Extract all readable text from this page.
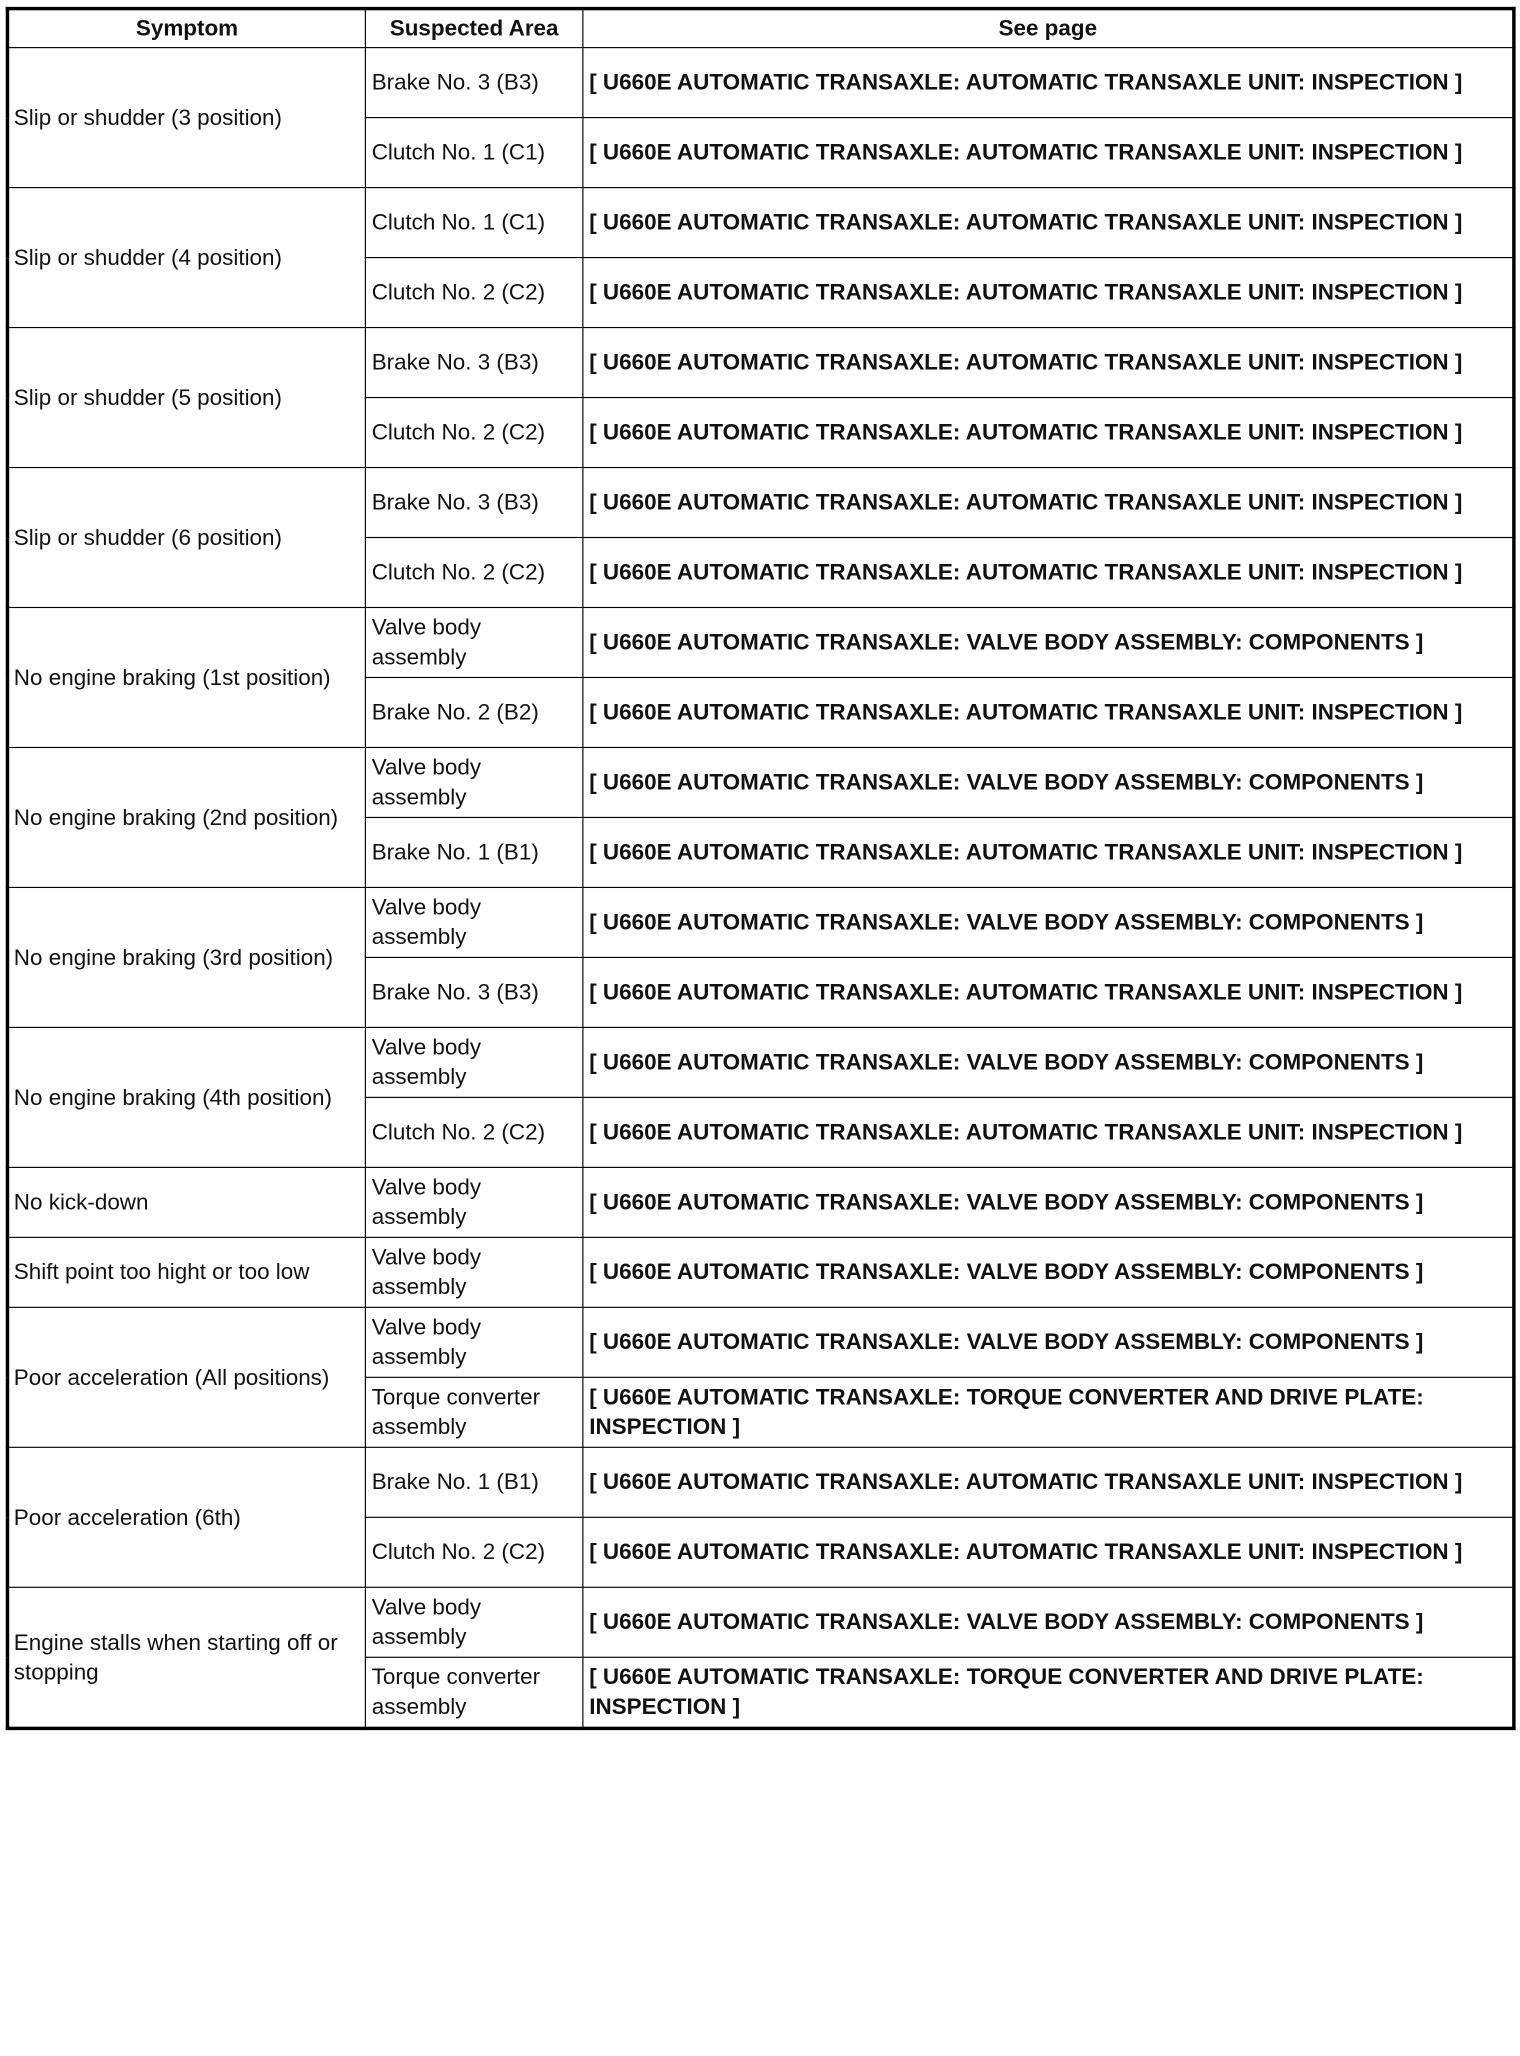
Symptom	Suspected Area	See page
Slip or shudder (3 position)	Brake No. 3 (B3)	[ U660E AUTOMATIC TRANSAXLE: AUTOMATIC TRANSAXLE UNIT: INSPECTION ]
	Clutch No. 1 (C1)	[ U660E AUTOMATIC TRANSAXLE: AUTOMATIC TRANSAXLE UNIT: INSPECTION ]
Slip or shudder (4 position)	Clutch No. 1 (C1)	[ U660E AUTOMATIC TRANSAXLE: AUTOMATIC TRANSAXLE UNIT: INSPECTION ]
	Clutch No. 2 (C2)	[ U660E AUTOMATIC TRANSAXLE: AUTOMATIC TRANSAXLE UNIT: INSPECTION ]
Slip or shudder (5 position)	Brake No. 3 (B3)	[ U660E AUTOMATIC TRANSAXLE: AUTOMATIC TRANSAXLE UNIT: INSPECTION ]
	Clutch No. 2 (C2)	[ U660E AUTOMATIC TRANSAXLE: AUTOMATIC TRANSAXLE UNIT: INSPECTION ]
Slip or shudder (6 position)	Brake No. 3 (B3)	[ U660E AUTOMATIC TRANSAXLE: AUTOMATIC TRANSAXLE UNIT: INSPECTION ]
	Clutch No. 2 (C2)	[ U660E AUTOMATIC TRANSAXLE: AUTOMATIC TRANSAXLE UNIT: INSPECTION ]
No engine braking (1st position)	Valve body assembly	[ U660E AUTOMATIC TRANSAXLE: VALVE BODY ASSEMBLY: COMPONENTS ]
	Brake No. 2 (B2)	[ U660E AUTOMATIC TRANSAXLE: AUTOMATIC TRANSAXLE UNIT: INSPECTION ]
No engine braking (2nd position)	Valve body assembly	[ U660E AUTOMATIC TRANSAXLE: VALVE BODY ASSEMBLY: COMPONENTS ]
	Brake No. 1 (B1)	[ U660E AUTOMATIC TRANSAXLE: AUTOMATIC TRANSAXLE UNIT: INSPECTION ]
No engine braking (3rd position)	Valve body assembly	[ U660E AUTOMATIC TRANSAXLE: VALVE BODY ASSEMBLY: COMPONENTS ]
	Brake No. 3 (B3)	[ U660E AUTOMATIC TRANSAXLE: AUTOMATIC TRANSAXLE UNIT: INSPECTION ]
No engine braking (4th position)	Valve body assembly	[ U660E AUTOMATIC TRANSAXLE: VALVE BODY ASSEMBLY: COMPONENTS ]
	Clutch No. 2 (C2)	[ U660E AUTOMATIC TRANSAXLE: AUTOMATIC TRANSAXLE UNIT: INSPECTION ]
No kick-down	Valve body assembly	[ U660E AUTOMATIC TRANSAXLE: VALVE BODY ASSEMBLY: COMPONENTS ]
Shift point too hight or too low	Valve body assembly	[ U660E AUTOMATIC TRANSAXLE: VALVE BODY ASSEMBLY: COMPONENTS ]
Poor acceleration (All positions)	Valve body assembly	[ U660E AUTOMATIC TRANSAXLE: VALVE BODY ASSEMBLY: COMPONENTS ]
	Torque converter assembly	[ U660E AUTOMATIC TRANSAXLE: TORQUE CONVERTER AND DRIVE PLATE: INSPECTION ]
Poor acceleration (6th)	Brake No. 1 (B1)	[ U660E AUTOMATIC TRANSAXLE: AUTOMATIC TRANSAXLE UNIT: INSPECTION ]
	Clutch No. 2 (C2)	[ U660E AUTOMATIC TRANSAXLE: AUTOMATIC TRANSAXLE UNIT: INSPECTION ]
Engine stalls when starting off or stopping	Valve body assembly	[ U660E AUTOMATIC TRANSAXLE: VALVE BODY ASSEMBLY: COMPONENTS ]
	Torque converter assembly	[ U660E AUTOMATIC TRANSAXLE: TORQUE CONVERTER AND DRIVE PLATE: INSPECTION ]
